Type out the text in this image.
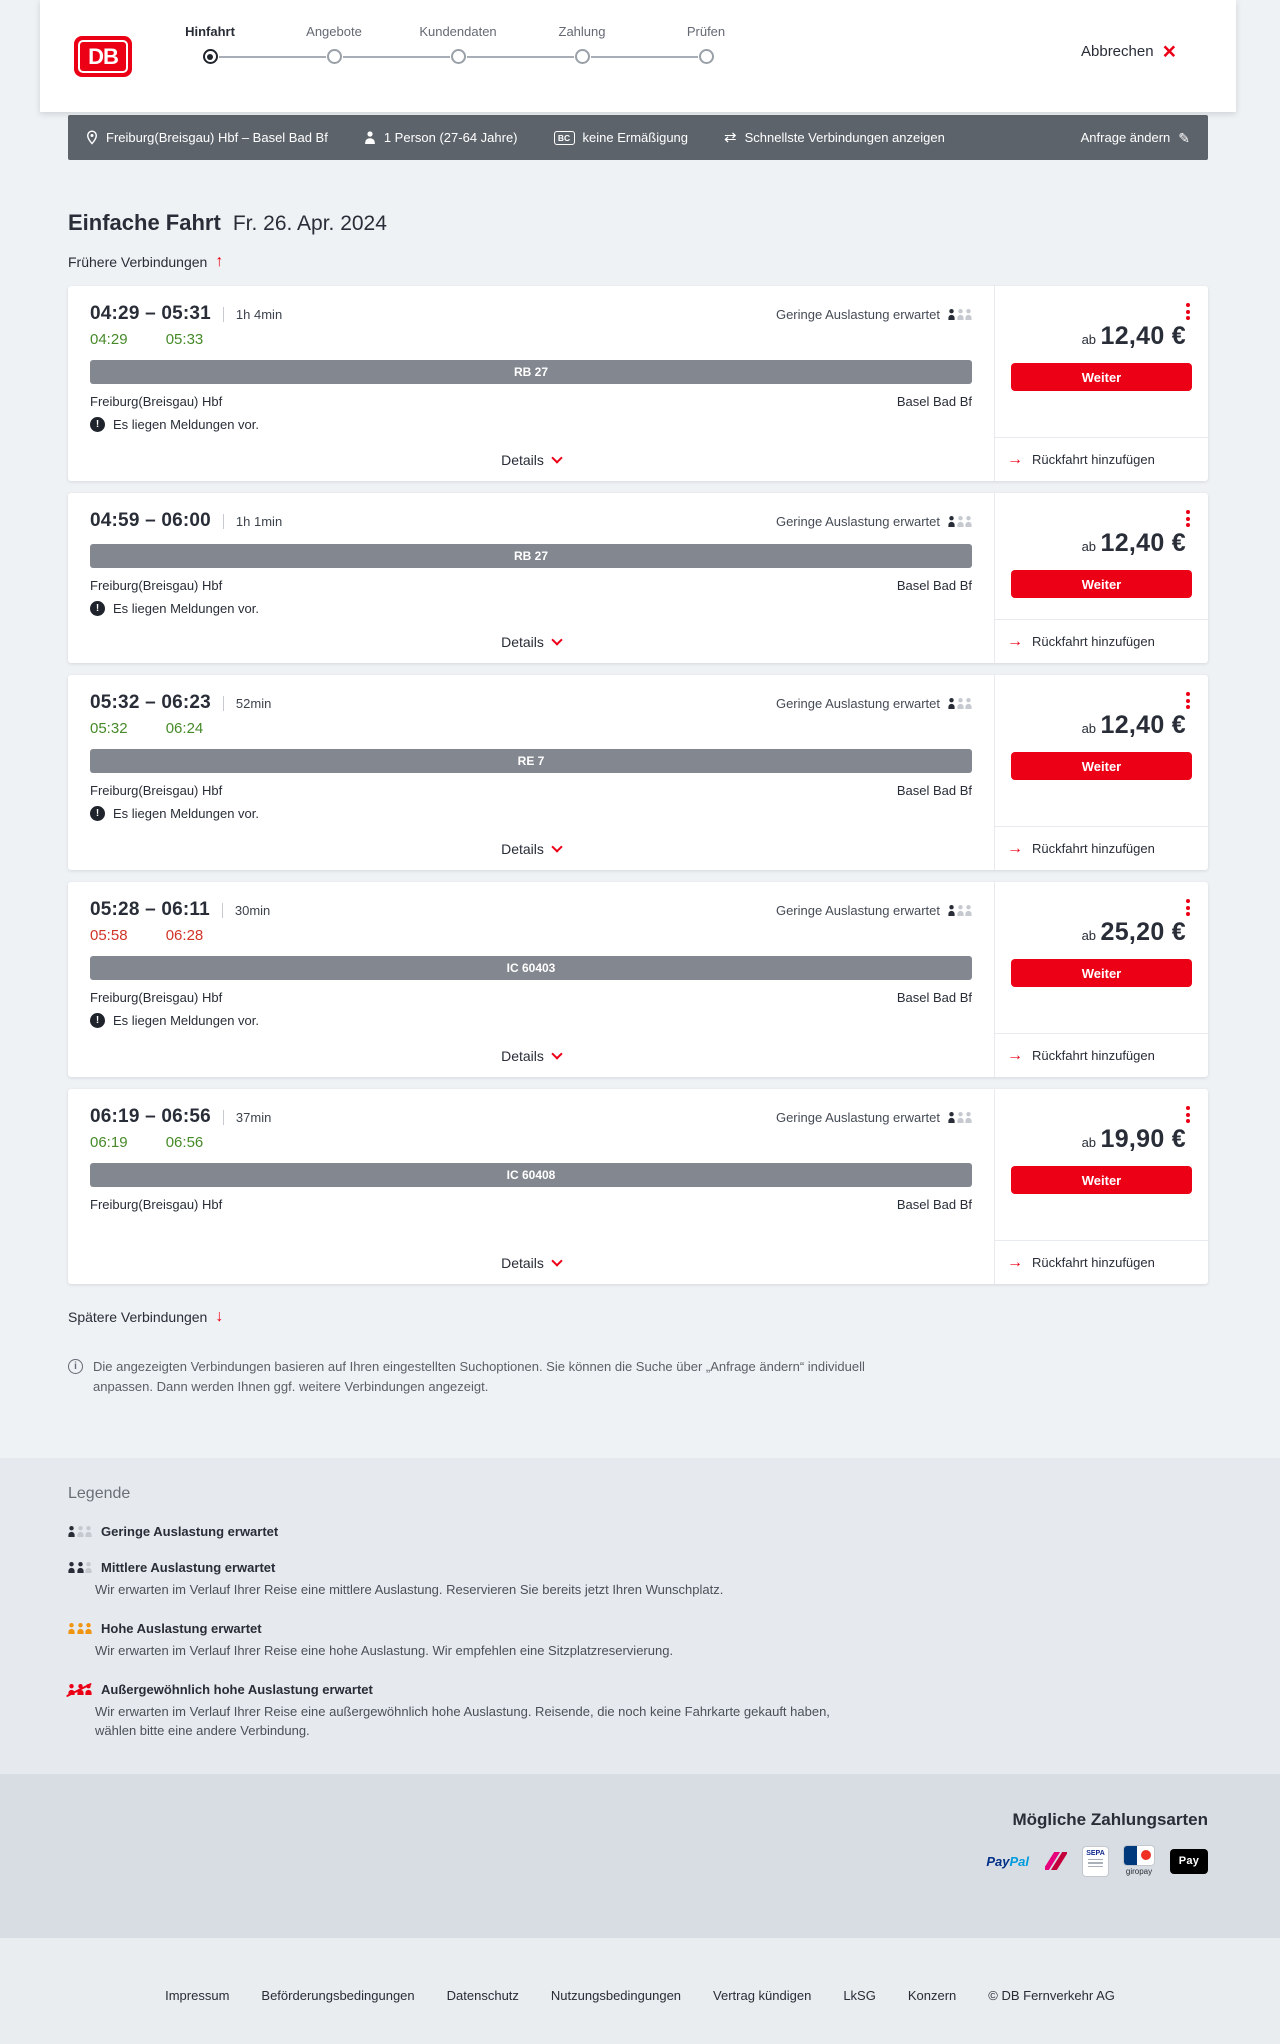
DB
Hinfahrt	Angebote	Kundendaten	Zahlung	Prüfen
Abbrechen ×
Freiburg(Breisgau) Hbf – Basel Bad Bf	1 Person (27-64 Jahre)	BC keine Ermäßigung ⇄ Schnellste Verbindungen anzeigen	Anfrage ändern ✎
Einfache Fahrt Fr. 26. Apr. 2024
Frühere Verbindungen ↑
04:29 – 05:31 1h 4min	Geringe Auslastung erwartet
04:29	05:33
RB 27
Freiburg(Breisgau) Hbf	Basel Bad Bf
!	Es liegen Meldungen vor.
Details
ab 12,40 €
Weiter
→ Rückfahrt hinzufügen
04:59 – 06:00 1h 1min	Geringe Auslastung erwartet
RB 27
Freiburg(Breisgau) Hbf	Basel Bad Bf
!	Es liegen Meldungen vor.
Details
ab 12,40 €
Weiter
→ Rückfahrt hinzufügen
05:32 – 06:23 52min	Geringe Auslastung erwartet
05:32	06:24
RE 7
Freiburg(Breisgau) Hbf	Basel Bad Bf
!	Es liegen Meldungen vor.
Details
ab 12,40 €
Weiter
→ Rückfahrt hinzufügen
05:28 – 06:11 30min	Geringe Auslastung erwartet
05:58	06:28
IC 60403
Freiburg(Breisgau) Hbf	Basel Bad Bf
!	Es liegen Meldungen vor.
Details
ab 25,20 €
Weiter
→ Rückfahrt hinzufügen
06:19 – 06:56 37min	Geringe Auslastung erwartet
06:19	06:56
IC 60408
Freiburg(Breisgau) Hbf	Basel Bad Bf
Details
ab 19,90 €
Weiter
→ Rückfahrt hinzufügen
Spätere Verbindungen ↓
i	Die angezeigten Verbindungen basieren auf Ihren eingestellten Suchoptionen. Sie können die Suche über „Anfrage ändern“ individuell anpassen. Dann werden Ihnen ggf. weitere Verbindungen angezeigt.

Legende
Geringe Auslastung erwartet
Mittlere Auslastung erwartet

Wir erwarten im Verlauf Ihrer Reise eine mittlere Auslastung. Reservieren Sie bereits jetzt Ihren Wunschplatz.

Hohe Auslastung erwartet

Wir erwarten im Verlauf Ihrer Reise eine hohe Auslastung. Wir empfehlen eine Sitzplatzreservierung.

Außergewöhnlich hohe Auslastung erwartet

Wir erwarten im Verlauf Ihrer Reise eine außergewöhnlich hohe Auslastung. Reisende, die noch keine Fahrkarte gekauft haben, wählen bitte eine andere Verbindung.

Mögliche Zahlungsarten
PayPal
SEPA
giropay
Pay
Impressum Beförderungsbedingungen Datenschutz Nutzungsbedingungen Vertrag kündigen LkSG Konzern © DB Fernverkehr AG
